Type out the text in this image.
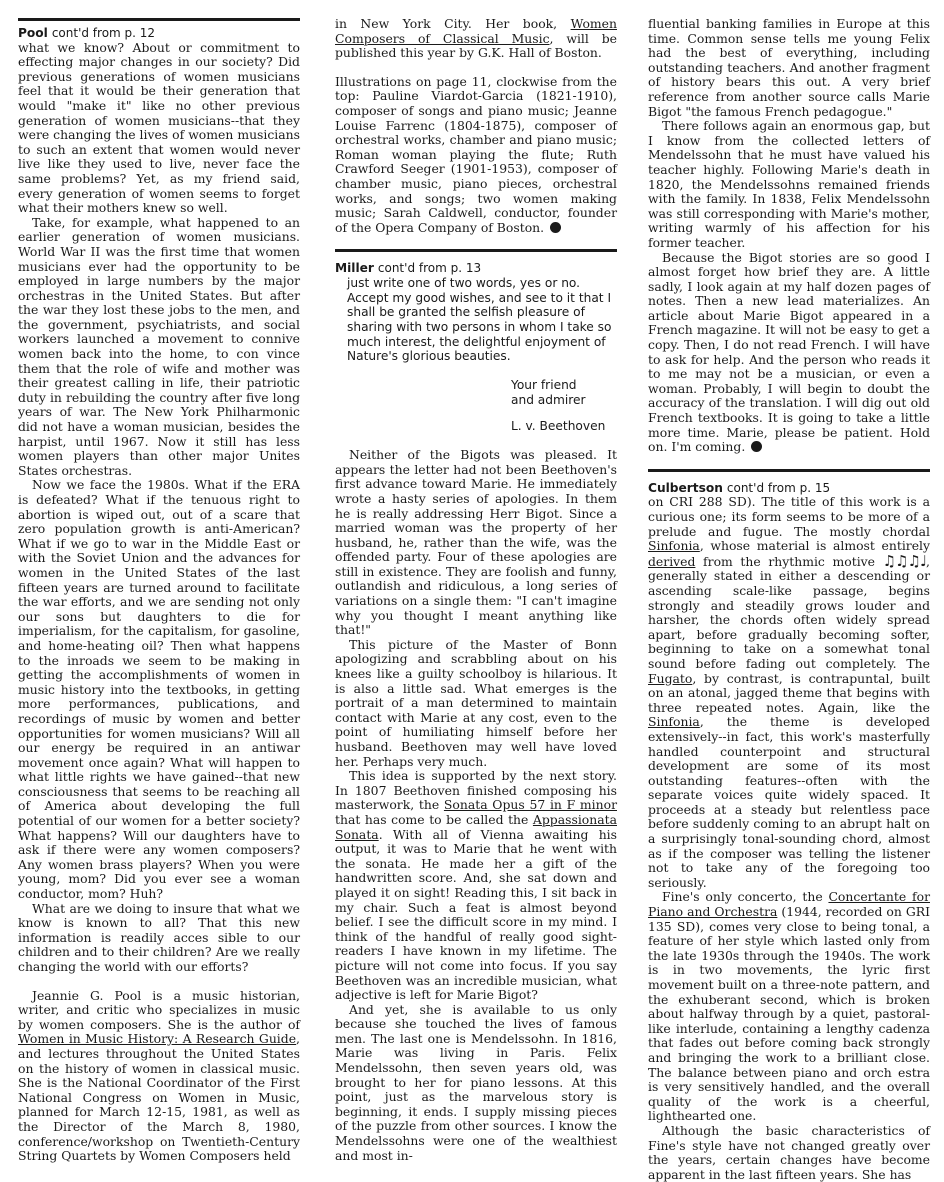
Pool cont'd from p. 12

what we know? About or commitment to effecting major changes in our society? Did previous generations of women musicians feel that it would be their generation that would "make it" like no other previous generation of women musicians--that they were changing the lives of women musicians to such an extent that women would never live like they used to live, never face the same problems? Yet, as my friend said, every generation of women seems to forget what their mothers knew so well.

Take, for example, what happened to an earlier generation of women musicians. World War II was the first time that women musicians ever had the opportunity to be employed in large numbers by the major orchestras in the United States. But after the war they lost these jobs to the men, and the government, psychiatrists, and social workers launched a movement to connive women back into the home, to con vince them that the role of wife and mother was their greatest calling in life, their patriotic duty in rebuilding the country after five long years of war. The New York Philharmonic did not have a woman musician, besides the harpist, until 1967. Now it still has less women players than other major Unites States orchestras.

Now we face the 1980s. What if the ERA is defeated? What if the tenuous right to abortion is wiped out, out of a scare that zero population growth is anti-American? What if we go to war in the Middle East or with the Soviet Union and the advances for women in the United States of the last fifteen years are turned around to facilitate the war efforts, and we are sending not only our sons but daughters to die for imperialism, for the capitalism, for gasoline, and home-heating oil? Then what happens to the inroads we seem to be making in getting the accomplishments of women in music history into the textbooks, in getting more performances, publications, and recordings of music by women and better opportunities for women musicians? Will all our energy be required in an antiwar movement once again? What will happen to what little rights we have gained--that new consciousness that seems to be reaching all of America about developing the full potential of our women for a better society? What happens? Will our daughters have to ask if there were any women composers? Any women brass players? When you were young, mom? Did you ever see a woman conductor, mom? Huh?

What are we doing to insure that what we know is known to all? That this new information is readily acces sible to our children and to their children? Are we really changing the world with our efforts?

Jeannie G. Pool is a music historian, writer, and critic who specializes in music by women composers. She is the author of Women in Music History: A Research Guide, and lectures throughout the United States on the history of women in classical music. She is the National Coordinator of the First National Congress on Women in Music, planned for March 12-15, 1981, as well as the Director of the March 8, 1980, conference/workshop on Twentieth-Century String Quartets by Women Composers held

in New York City. Her book, Women Composers of Classical Music, will be published this year by G.K. Hall of Boston.

Illustrations on page 11, clockwise from the top: Pauline Viardot-Garcia (1821-1910), composer of songs and piano music; Jeanne Louise Farrenc (1804-1875), composer of orchestral works, chamber and piano music; Roman woman playing the flute; Ruth Crawford Seeger (1901-1953), composer of chamber music, piano pieces, orchestral works, and songs; two women making music; Sarah Caldwell, conductor, founder of the Opera Company of Boston.

Miller cont'd from p. 13

just write one of two words, yes or no. Accept my good wishes, and see to it that I shall be granted the selfish pleasure of sharing with two persons in whom I take so much interest, the delightful enjoyment of Nature's glorious beauties.

Your friend
and admirer
L. v. Beethoven

Neither of the Bigots was pleased. It appears the letter had not been Beethoven's first advance toward Marie. He immediately wrote a hasty series of apologies. In them he is really addressing Herr Bigot. Since a married woman was the property of her husband, he, rather than the wife, was the offended party. Four of these apologies are still in existence. They are foolish and funny, outlandish and ridiculous, a long series of variations on a single them: "I can't imagine why you thought I meant anything like that!"

This picture of the Master of Bonn apologizing and scrabbling about on his knees like a guilty schoolboy is hilarious. It is also a little sad. What emerges is the portrait of a man determined to maintain contact with Marie at any cost, even to the point of humiliating himself before her husband. Beethoven may well have loved her. Perhaps very much.

This idea is supported by the next story. In 1807 Beethoven finished composing his masterwork, the Sonata Opus 57 in F minor that has come to be called the Appassionata Sonata. With all of Vienna awaiting his output, it was to Marie that he went with the sonata. He made her a gift of the handwritten score. And, she sat down and played it on sight! Reading this, I sit back in my chair. Such a feat is almost beyond belief. I see the difficult score in my mind. I think of the handful of really good sight-readers I have known in my lifetime. The picture will not come into focus. If you say Beethoven was an incredible musician, what adjective is left for Marie Bigot?

And yet, she is available to us only because she touched the lives of famous men. The last one is Mendelssohn. In 1816, Marie was living in Paris. Felix Mendelssohn, then seven years old, was brought to her for piano lessons. At this point, just as the marvelous story is beginning, it ends. I supply missing pieces of the puzzle from other sources. I know the Mendelssohns were one of the wealthiest and most in-

fluential banking families in Europe at this time. Common sense tells me young Felix had the best of everything, including outstanding teachers. And another fragment of history bears this out. A very brief reference from another source calls Marie Bigot "the famous French pedagogue."

There follows again an enormous gap, but I know from the collected letters of Mendelssohn that he must have valued his teacher highly. Following Marie's death in 1820, the Mendelssohns remained friends with the family. In 1838, Felix Mendelssohn was still corresponding with Marie's mother, writing warmly of his affection for his former teacher.

Because the Bigot stories are so good I almost forget how brief they are. A little sadly, I look again at my half dozen pages of notes. Then a new lead materializes. An article about Marie Bigot appeared in a French magazine. It will not be easy to get a copy. Then, I do not read French. I will have to ask for help. And the person who reads it to me may not be a musician, or even a woman. Probably, I will begin to doubt the accuracy of the translation. I will dig out old French textbooks. It is going to take a little more time. Marie, please be patient. Hold on. I'm coming.

Culbertson cont'd from p. 15

on CRI 288 SD). The title of this work is a curious one; its form seems to be more of a prelude and fugue. The mostly chordal Sinfonia, whose material is almost entirely derived from the rhythmic motive ♫♫♫♩, generally stated in either a descending or ascending scale-like passage, begins strongly and steadily grows louder and harsher, the chords often widely spread apart, before gradually becoming softer, beginning to take on a somewhat tonal sound before fading out completely. The Fugato, by contrast, is contrapuntal, built on an atonal, jagged theme that begins with three repeated notes. Again, like the Sinfonia, the theme is developed extensively--in fact, this work's masterfully handled counterpoint and structural development are some of its most outstanding features--often with the separate voices quite widely spaced. It proceeds at a steady but relentless pace before suddenly coming to an abrupt halt on a surprisingly tonal-sounding chord, almost as if the composer was telling the listener not to take any of the foregoing too seriously.

Fine's only concerto, the Concertante for Piano and Orchestra (1944, recorded on GRI 135 SD), comes very close to being tonal, a feature of her style which lasted only from the late 1930s through the 1940s. The work is in two movements, the lyric first movement built on a three-note pattern, and the exhuberant second, which is broken about halfway through by a quiet, pastoral-like interlude, containing a lengthy cadenza that fades out before coming back strongly and bringing the work to a brilliant close. The balance between piano and orch estra is very sensitively handled, and the overall quality of the work is a cheerful, lighthearted one.

Although the basic characteristics of Fine's style have not changed greatly over the years, certain changes have become apparent in the last fifteen years. She has
